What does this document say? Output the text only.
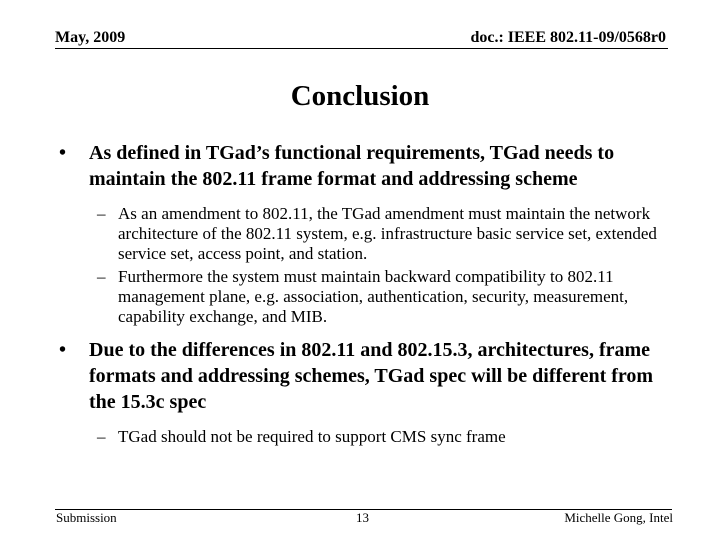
May, 2009	doc.: IEEE 802.11-09/0568r0
Conclusion
• As defined in TGad’s functional requirements, TGad needs to maintain the 802.11 frame format and addressing scheme
– As an amendment to 802.11, the TGad amendment must maintain the network architecture of the 802.11 system, e.g. infrastructure basic service set, extended service set, access point, and station.
– Furthermore the system must maintain backward compatibility to 802.11 management plane, e.g. association, authentication, security, measurement, capability exchange, and MIB.
• Due to the differences in 802.11 and 802.15.3, architectures, frame formats and addressing schemes, TGad spec will be different from the 15.3c spec
– TGad should not be required to support CMS sync frame
Submission	13	Michelle Gong, Intel
